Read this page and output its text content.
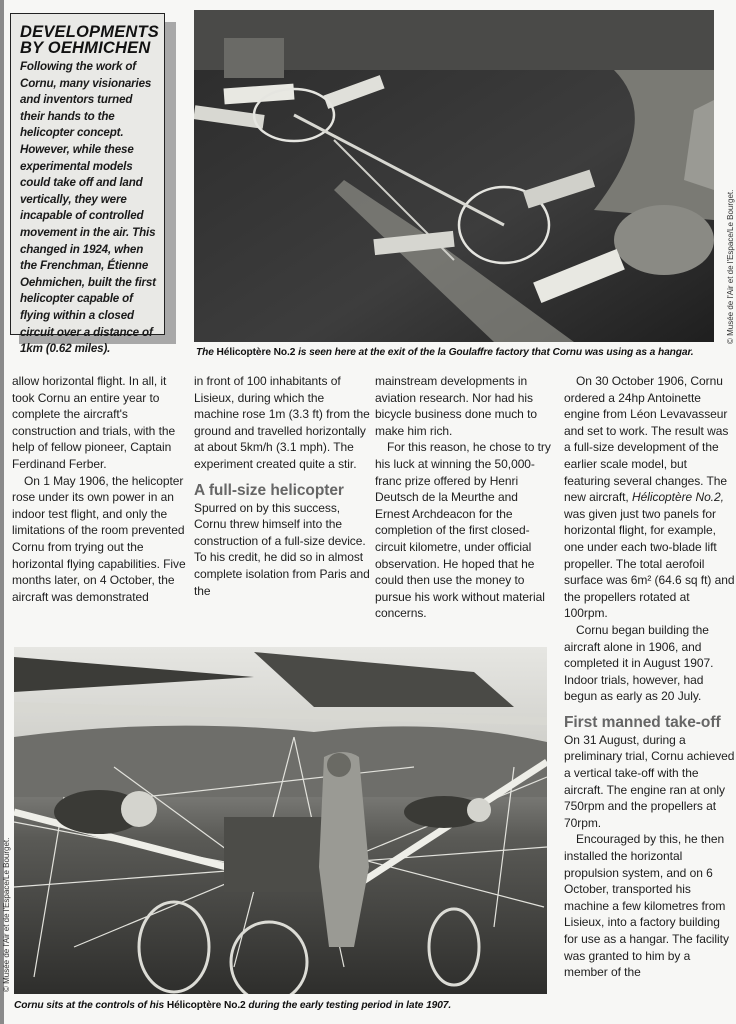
DEVELOPMENTS
BY OEHMICHEN

Following the work of Cornu, many visionaries and inventors turned their hands to the helicopter concept. However, while these experimental models could take off and land vertically, they were incapable of controlled movement in the air. This changed in 1924, when the Frenchman, Étienne Oehmichen, built the first helicopter capable of flying within a closed circuit over a distance of 1km (0.62 miles).

© Musée de l'Air et de l'Espace/Le Bourget.
The Hélicoptère No.2 is seen here at the exit of the la Goulaffre factory that Cornu was using as a hangar.

allow horizontal flight. In all, it took Cornu an entire year to complete the aircraft's construction and trials, with the help of fellow pioneer, Captain Ferdinand Ferber.

On 1 May 1906, the helicopter rose under its own power in an indoor test flight, and only the limitations of the room prevented Cornu from trying out the horizontal flying capabilities. Five months later, on 4 October, the aircraft was demonstrated

in front of 100 inhabitants of Lisieux, during which the machine rose 1m (3.3 ft) from the ground and travelled horizontally at about 5km/h (3.1 mph). The experiment created quite a stir.

A full-size helicopter

Spurred on by this success, Cornu threw himself into the construction of a full-size device. To his credit, he did so in almost complete isolation from Paris and the

mainstream developments in aviation research. Nor had his bicycle business done much to make him rich.

For this reason, he chose to try his luck at winning the 50,000-franc prize offered by Henri Deutsch de la Meurthe and Ernest Archdeacon for the completion of the first closed-circuit kilometre, under official observation. He hoped that he could then use the money to pursue his work without material concerns.

On 30 October 1906, Cornu ordered a 24hp Antoinette engine from Léon Levavasseur and set to work. The result was a full-size development of the earlier scale model, but featuring several changes. The new aircraft, Hélicoptère No.2, was given just two panels for horizontal flight, for example, one under each two-blade lift propeller. The total aerofoil surface was 6m² (64.6 sq ft) and the propellers rotated at 100rpm.

Cornu began building the aircraft alone in 1906, and completed it in August 1907. Indoor trials, however, had begun as early as 20 July.

First manned take-off

On 31 August, during a preliminary trial, Cornu achieved a vertical take-off with the aircraft. The engine ran at only 750rpm and the propellers at 70rpm.

Encouraged by this, he then installed the horizontal propulsion system, and on 6 October, transported his machine a few kilometres from Lisieux, into a factory building for use as a hangar. The facility was granted to him by a member of the

© Musée de l'Air et de l'Espace/Le Bourget.
Cornu sits at the controls of his Hélicoptère No.2 during the early testing period in late 1907.
